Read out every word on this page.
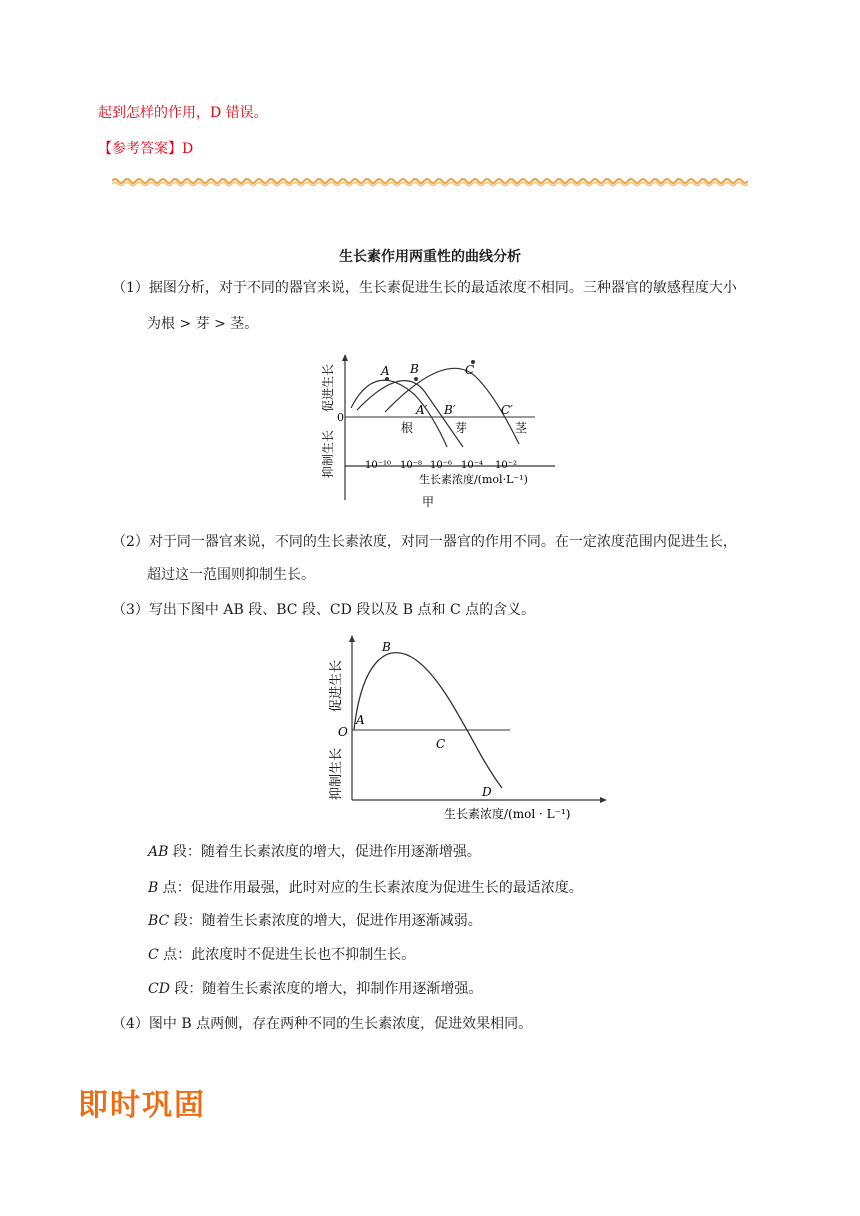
起到怎样的作用，D 错误。
【参考答案】D
生长素作用两重性的曲线分析
（1）据图分析，对于不同的器官来说，生长素促进生长的最适浓度不相同。三种器官的敏感程度大小
为根 > 芽 > 茎。
A B	C
A′ B′	C′
根	芽	茎
0
10⁻¹⁰ 10⁻⁸ 10⁻⁶ 10⁻⁴ 10⁻²
生长素浓度/(mol·L⁻¹)
甲
促进生长
抑制生长
（2）对于同一器官来说，不同的生长素浓度，对同一器官的作用不同。在一定浓度范围内促进生长，
超过这一范围则抑制生长。
（3）写出下图中 AB 段、BC 段、CD 段以及 B 点和 C 点的含义。
O
A
B
C
D
生长素浓度/(mol · L⁻¹)
促进生长
抑制生长
AB 段：随着生长素浓度的增大，促进作用逐渐增强。
B 点：促进作用最强，此时对应的生长素浓度为促进生长的最适浓度。
BC 段：随着生长素浓度的增大，促进作用逐渐减弱。
C 点：此浓度时不促进生长也不抑制生长。
CD 段：随着生长素浓度的增大，抑制作用逐渐增强。
（4）图中 B 点两侧，存在两种不同的生长素浓度，促进效果相同。
即时巩固
